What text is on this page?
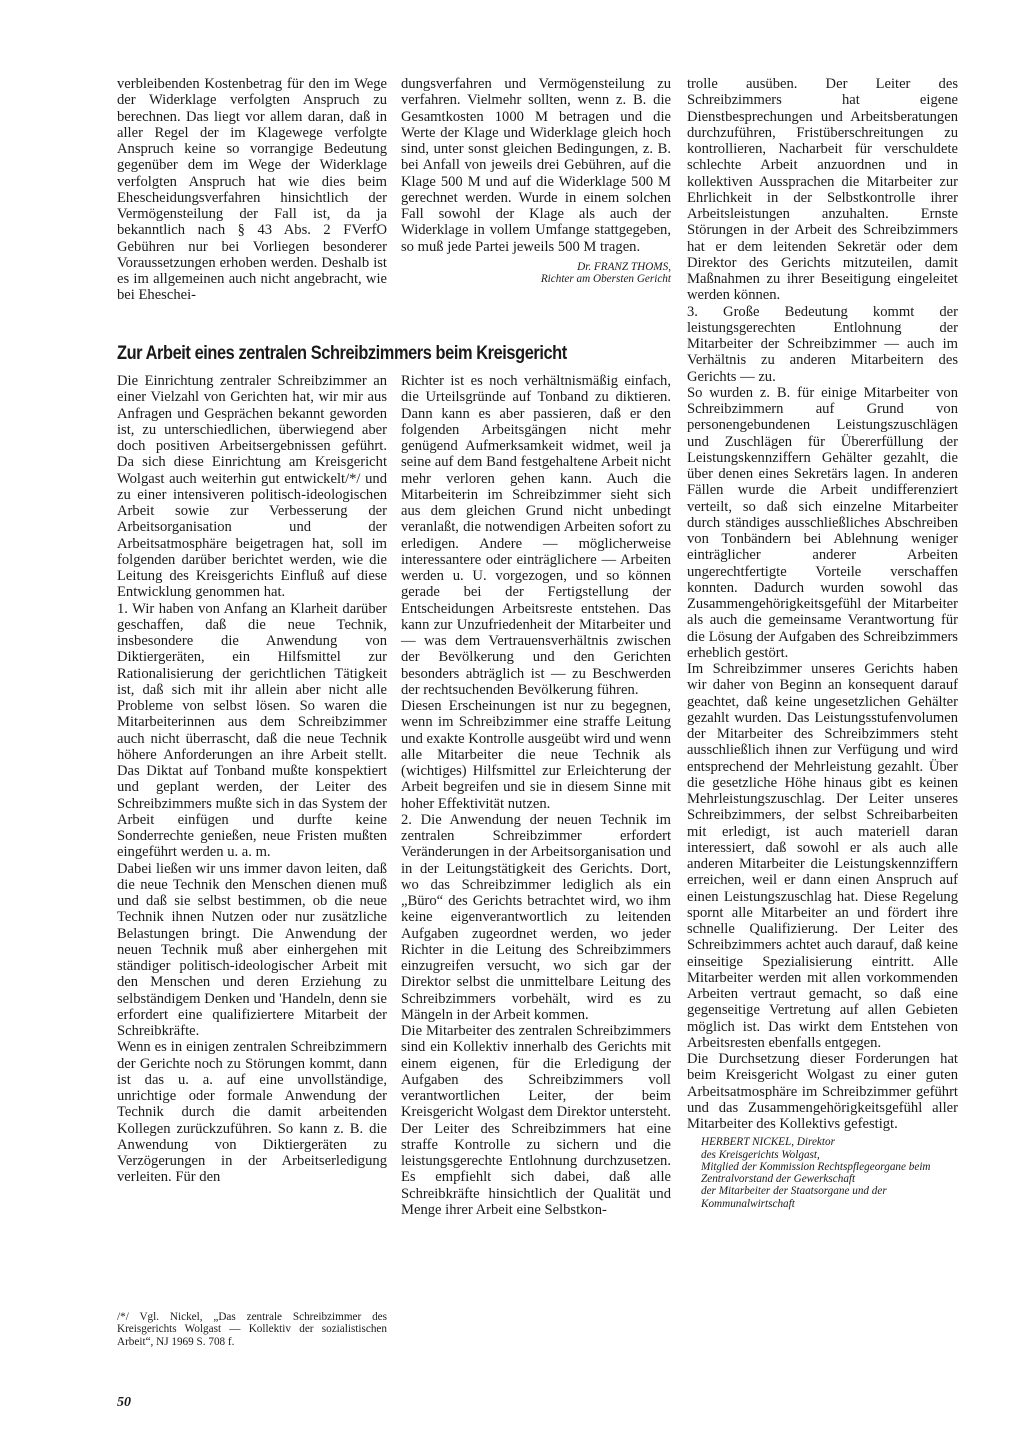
verbleibenden Kostenbetrag für den im Wege der Widerklage verfolgten Anspruch zu berechnen. Das liegt vor allem daran, daß in aller Regel der im Klagewege verfolgte Anspruch keine so vorrangige Bedeutung gegenüber dem im Wege der Widerklage verfolgten Anspruch hat wie dies beim Ehescheidungsverfahren hinsichtlich der Vermögensteilung der Fall ist, da ja bekanntlich nach § 43 Abs. 2 FVerfO Gebühren nur bei Vorliegen besonderer Voraussetzungen erhoben werden. Deshalb ist es im allgemeinen auch nicht angebracht, wie bei Eheschei-

dungsverfahren und Vermögensteilung zu verfahren. Vielmehr sollten, wenn z. B. die Gesamtkosten 1000 M betragen und die Werte der Klage und Widerklage gleich hoch sind, unter sonst gleichen Bedingungen, z. B. bei Anfall von jeweils drei Gebühren, auf die Klage 500 M und auf die Widerklage 500 M gerechnet werden. Wurde in einem solchen Fall sowohl der Klage als auch der Widerklage in vollem Umfange stattgegeben, so muß jede Partei jeweils 500 M tragen.

Dr. FRANZ THOMS,
Richter am Obersten Gericht
Zur Arbeit eines zentralen Schreibzimmers beim Kreisgericht

Die Einrichtung zentraler Schreibzimmer an einer Vielzahl von Gerichten hat, wir mir aus Anfragen und Gesprächen bekannt geworden ist, zu unterschiedlichen, überwiegend aber doch positiven Arbeitsergebnissen geführt. Da sich diese Einrichtung am Kreisgericht Wolgast auch weiterhin gut entwickelt/*/ und zu einer intensiveren politisch-ideologischen Arbeit sowie zur Verbesserung der Arbeitsorganisation und der Arbeitsatmosphäre beigetragen hat, soll im folgenden darüber berichtet werden, wie die Leitung des Kreisgerichts Einfluß auf diese Entwicklung genommen hat.

1. Wir haben von Anfang an Klarheit darüber geschaffen, daß die neue Technik, insbesondere die Anwendung von Diktiergeräten, ein Hilfsmittel zur Rationalisierung der gerichtlichen Tätigkeit ist, daß sich mit ihr allein aber nicht alle Probleme von selbst lösen. So waren die Mitarbeiterinnen aus dem Schreibzimmer auch nicht überrascht, daß die neue Technik höhere Anforderungen an ihre Arbeit stellt. Das Diktat auf Tonband mußte konspektiert und geplant werden, der Leiter des Schreibzimmers mußte sich in das System der Arbeit einfügen und durfte keine Sonderrechte genießen, neue Fristen mußten eingeführt werden u. a. m.

Dabei ließen wir uns immer davon leiten, daß die neue Technik den Menschen dienen muß und daß sie selbst bestimmen, ob die neue Technik ihnen Nutzen oder nur zusätzliche Belastungen bringt. Die Anwendung der neuen Technik muß aber einhergehen mit ständiger politisch-ideologischer Arbeit mit den Menschen und deren Erziehung zu selbständigem Denken und 'Handeln, denn sie erfordert eine qualifiziertere Mitarbeit der Schreibkräfte.

Wenn es in einigen zentralen Schreibzimmern der Gerichte noch zu Störungen kommt, dann ist das u. a. auf eine unvollständige, unrichtige oder formale Anwendung der Technik durch die damit arbeitenden Kollegen zurückzuführen. So kann z. B. die Anwendung von Diktiergeräten zu Verzögerungen in der Arbeitserledigung verleiten. Für den

Richter ist es noch verhältnismäßig einfach, die Urteilsgründe auf Tonband zu diktieren. Dann kann es aber passieren, daß er den folgenden Arbeitsgängen nicht mehr genügend Aufmerksamkeit widmet, weil ja seine auf dem Band festgehaltene Arbeit nicht mehr verloren gehen kann. Auch die Mitarbeiterin im Schreibzimmer sieht sich aus dem gleichen Grund nicht unbedingt veranlaßt, die notwendigen Arbeiten sofort zu erledigen. Andere — möglicherweise interessantere oder einträglichere — Arbeiten werden u. U. vorgezogen, und so können gerade bei der Fertigstellung der Entscheidungen Arbeitsreste entstehen. Das kann zur Unzufriedenheit der Mitarbeiter und — was dem Vertrauensverhältnis zwischen der Bevölkerung und den Gerichten besonders abträglich ist — zu Beschwerden der rechtsuchenden Bevölkerung führen.

Diesen Erscheinungen ist nur zu begegnen, wenn im Schreibzimmer eine straffe Leitung und exakte Kontrolle ausgeübt wird und wenn alle Mitarbeiter die neue Technik als (wichtiges) Hilfsmittel zur Erleichterung der Arbeit begreifen und sie in diesem Sinne mit hoher Effektivität nutzen.

2. Die Anwendung der neuen Technik im zentralen Schreibzimmer erfordert Veränderungen in der Arbeitsorganisation und in der Leitungstätigkeit des Gerichts. Dort, wo das Schreibzimmer lediglich als ein „Büro“ des Gerichts betrachtet wird, wo ihm keine eigenverantwortlich zu leitenden Aufgaben zugeordnet werden, wo jeder Richter in die Leitung des Schreibzimmers einzugreifen versucht, wo sich gar der Direktor selbst die unmittelbare Leitung des Schreibzimmers vorbehält, wird es zu Mängeln in der Arbeit kommen.

Die Mitarbeiter des zentralen Schreibzimmers sind ein Kollektiv innerhalb des Gerichts mit einem eigenen, für die Erledigung der Aufgaben des Schreibzimmers voll verantwortlichen Leiter, der beim Kreisgericht Wolgast dem Direktor untersteht. Der Leiter des Schreibzimmers hat eine straffe Kontrolle zu sichern und die leistungsgerechte Entlohnung durchzusetzen. Es empfiehlt sich dabei, daß alle Schreibkräfte hinsichtlich der Qualität und Menge ihrer Arbeit eine Selbstkon-

trolle ausüben. Der Leiter des Schreibzimmers hat eigene Dienstbesprechungen und Arbeitsberatungen durchzuführen, Fristüberschreitungen zu kontrollieren, Nacharbeit für verschuldete schlechte Arbeit anzuordnen und in kollektiven Aussprachen die Mitarbeiter zur Ehrlichkeit in der Selbstkontrolle ihrer Arbeitsleistungen anzuhalten. Ernste Störungen in der Arbeit des Schreibzimmers hat er dem leitenden Sekretär oder dem Direktor des Gerichts mitzuteilen, damit Maßnahmen zu ihrer Beseitigung eingeleitet werden können.

3. Große Bedeutung kommt der leistungsgerechten Entlohnung der Mitarbeiter der Schreibzimmer — auch im Verhältnis zu anderen Mitarbeitern des Gerichts — zu.

So wurden z. B. für einige Mitarbeiter von Schreibzimmern auf Grund von personengebundenen Leistungszuschlägen und Zuschlägen für Übererfüllung der Leistungskennziffern Gehälter gezahlt, die über denen eines Sekretärs lagen. In anderen Fällen wurde die Arbeit undifferenziert verteilt, so daß sich einzelne Mitarbeiter durch ständiges ausschließliches Abschreiben von Tonbändern bei Ablehnung weniger einträglicher anderer Arbeiten ungerechtfertigte Vorteile verschaffen konnten. Dadurch wurden sowohl das Zusammengehörigkeitsgefühl der Mitarbeiter als auch die gemeinsame Verantwortung für die Lösung der Aufgaben des Schreibzimmers erheblich gestört.

Im Schreibzimmer unseres Gerichts haben wir daher von Beginn an konsequent darauf geachtet, daß keine ungesetzlichen Gehälter gezahlt wurden. Das Leistungsstufenvolumen der Mitarbeiter des Schreibzimmers steht ausschließlich ihnen zur Verfügung und wird entsprechend der Mehrleistung gezahlt. Über die gesetzliche Höhe hinaus gibt es keinen Mehrleistungszuschlag. Der Leiter unseres Schreibzimmers, der selbst Schreibarbeiten mit erledigt, ist auch materiell daran interessiert, daß sowohl er als auch alle anderen Mitarbeiter die Leistungskennziffern erreichen, weil er dann einen Anspruch auf einen Leistungszuschlag hat. Diese Regelung spornt alle Mitarbeiter an und fördert ihre schnelle Qualifizierung. Der Leiter des Schreibzimmers achtet auch darauf, daß keine einseitige Spezialisierung eintritt. Alle Mitarbeiter werden mit allen vorkommenden Arbeiten vertraut gemacht, so daß eine gegenseitige Vertretung auf allen Gebieten möglich ist. Das wirkt dem Entstehen von Arbeitsresten ebenfalls entgegen.

Die Durchsetzung dieser Forderungen hat beim Kreisgericht Wolgast zu einer guten Arbeitsatmosphäre im Schreibzimmer geführt und das Zusammengehörigkeitsgefühl aller Mitarbeiter des Kollektivs gefestigt.

HERBERT NICKEL, Direktor
des Kreisgerichts Wolgast,
Mitglied der Kommission Rechtspflegeorgane beim Zentralvorstand der Gewerkschaft
der Mitarbeiter der Staatsorgane und der Kommunalwirtschaft
/*/ Vgl. Nickel, „Das zentrale Schreibzimmer des Kreisgerichts Wolgast — Kollektiv der sozialistischen Arbeit“, NJ 1969 S. 708 f.
50
